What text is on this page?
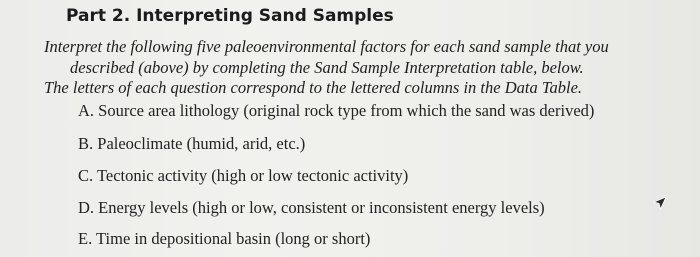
Part 2. Interpreting Sand Samples
Interpret the following five paleoenvironmental factors for each sand sample that you
described (above) by completing the Sand Sample Interpretation table, below.
The letters of each question correspond to the lettered columns in the Data Table.
A. Source area lithology (original rock type from which the sand was derived)
B. Paleoclimate (humid, arid, etc.)
C. Tectonic activity (high or low tectonic activity)
D. Energy levels (high or low, consistent or inconsistent energy levels)
E. Time in depositional basin (long or short)
